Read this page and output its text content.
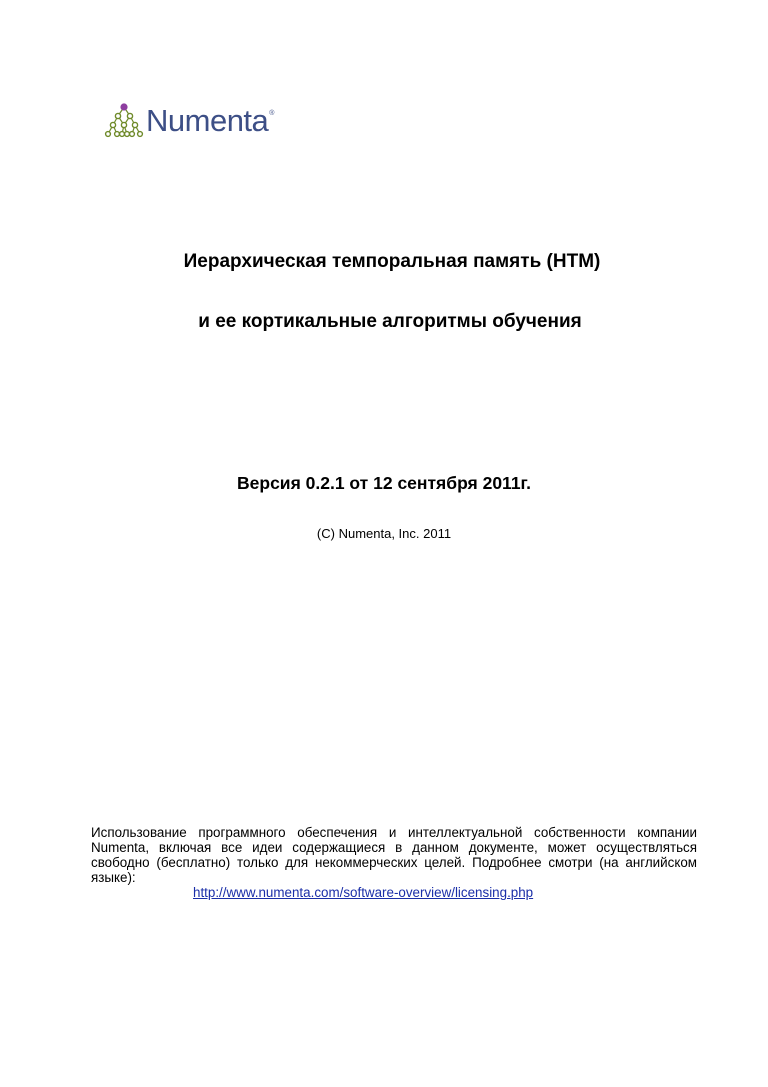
Numenta ®
Иерархическая темпоральная память (HTM)
и ее кортикальные алгоритмы обучения
Версия 0.2.1 от 12 сентября 2011г.
(C) Numenta, Inc. 2011
Использование программного обеспечения и интеллектуальной собственности компании Numenta, включая все идеи содержащиеся в данном документе, может осуществляться свободно (бесплатно) только для некоммерческих целей. Подробнее смотри (на английском языке):
http://www.numenta.com/software-overview/licensing.php
